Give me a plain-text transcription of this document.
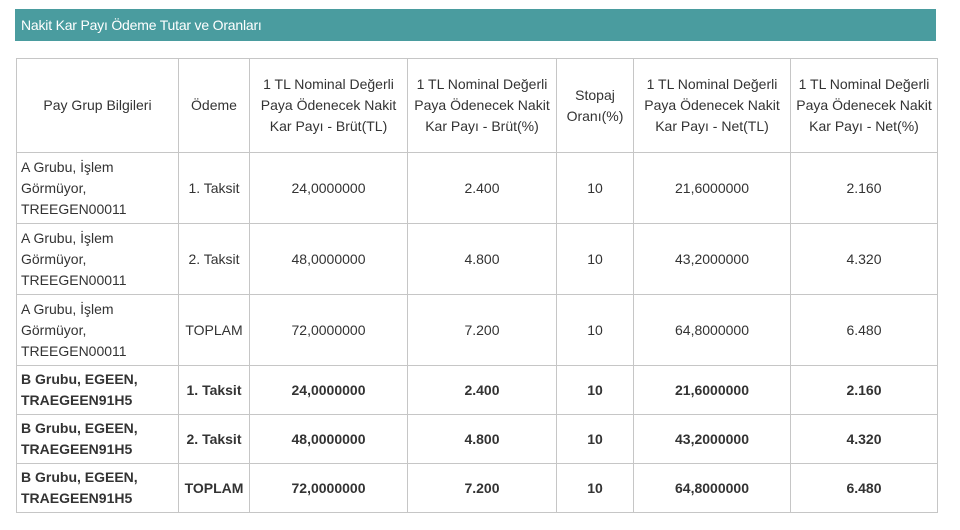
Nakit Kar Payı Ödeme Tutar ve Oranları
Pay Grup Bilgileri	Ödeme	1 TL Nominal Değerli Paya Ödenecek Nakit Kar Payı - Brüt(TL)	1 TL Nominal Değerli Paya Ödenecek Nakit Kar Payı - Brüt(%)	Stopaj Oranı(%)	1 TL Nominal Değerli Paya Ödenecek Nakit Kar Payı - Net(TL)	1 TL Nominal Değerli Paya Ödenecek Nakit Kar Payı - Net(%)
A Grubu, İşlem Görmüyor, TREEGEN00011	1. Taksit	24,0000000	2.400	10	21,6000000	2.160
A Grubu, İşlem Görmüyor, TREEGEN00011	2. Taksit	48,0000000	4.800	10	43,2000000	4.320
A Grubu, İşlem Görmüyor, TREEGEN00011	TOPLAM	72,0000000	7.200	10	64,8000000	6.480
B Grubu, EGEEN, TRAEGEEN91H5	1. Taksit	24,0000000	2.400	10	21,6000000	2.160
B Grubu, EGEEN, TRAEGEEN91H5	2. Taksit	48,0000000	4.800	10	43,2000000	4.320
B Grubu, EGEEN, TRAEGEEN91H5	TOPLAM	72,0000000	7.200	10	64,8000000	6.480
